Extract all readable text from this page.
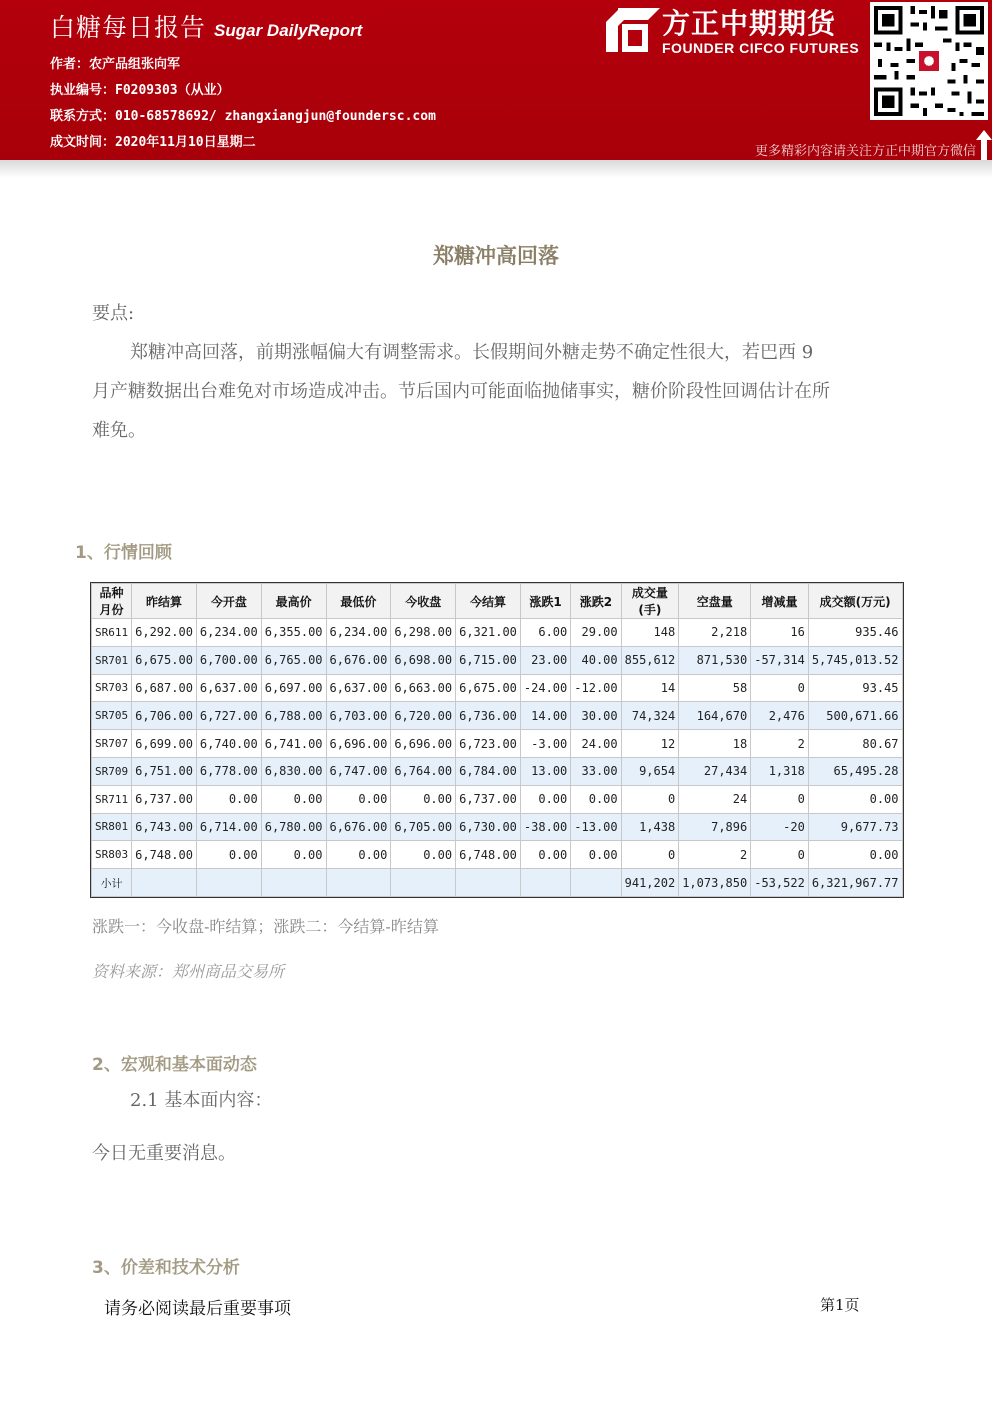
白糖每日报告 Sugar DailyReport
作者：农产品组张向军
执业编号：F0209303（从业）
联系方式：010-68578692/ zhangxiangjun@foundersc.com
成文时间：2020年11月10日星期二
方正中期期货
FOUNDER CIFCO FUTURES
更多精彩内容请关注方正中期官方微信
郑糖冲高回落
要点:
郑糖冲高回落，前期涨幅偏大有调整需求。长假期间外糖走势不确定性很大，若巴西 9
月产糖数据出台难免对市场造成冲击。节后国内可能面临抛储事实，糖价阶段性回调估计在所
难免。
1、行情回顾
品种月份	昨结算	今开盘	最高价	最低价	今收盘	今结算	涨跌1	涨跌2	成交量(手)	空盘量	增减量	成交额(万元)
SR611	6,292.00	6,234.00	6,355.00	6,234.00	6,298.00	6,321.00	6.00	29.00	148	2,218	16	935.46
SR701	6,675.00	6,700.00	6,765.00	6,676.00	6,698.00	6,715.00	23.00	40.00	855,612	871,530	-57,314	5,745,013.52
SR703	6,687.00	6,637.00	6,697.00	6,637.00	6,663.00	6,675.00	-24.00	-12.00	14	58	0	93.45
SR705	6,706.00	6,727.00	6,788.00	6,703.00	6,720.00	6,736.00	14.00	30.00	74,324	164,670	2,476	500,671.66
SR707	6,699.00	6,740.00	6,741.00	6,696.00	6,696.00	6,723.00	-3.00	24.00	12	18	2	80.67
SR709	6,751.00	6,778.00	6,830.00	6,747.00	6,764.00	6,784.00	13.00	33.00	9,654	27,434	1,318	65,495.28
SR711	6,737.00	0.00	0.00	0.00	0.00	6,737.00	0.00	0.00	0	24	0	0.00
SR801	6,743.00	6,714.00	6,780.00	6,676.00	6,705.00	6,730.00	-38.00	-13.00	1,438	7,896	-20	9,677.73
SR803	6,748.00	0.00	0.00	0.00	0.00	6,748.00	0.00	0.00	0	2	0	0.00
小计									941,202	1,073,850	-53,522	6,321,967.77
涨跌一：今收盘-昨结算；涨跌二：今结算-昨结算
资料来源：郑州商品交易所
2、宏观和基本面动态
2.1 基本面内容：
今日无重要消息。
3、价差和技术分析
请务必阅读最后重要事项	第1页
